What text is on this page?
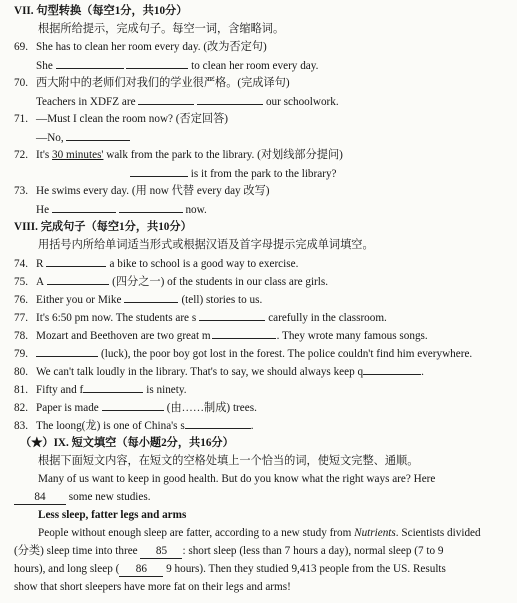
VII. 句型转换（每空1分，共10分）
根据所给提示，完成句子。每空一词，含缩略词。
69. She has to clean her room every day. (改为否定句)
She	to clean her room every day.
70. 西大附中的老师们对我们的学业很严格。(完成译句)
Teachers in XDFZ are	our schoolwork.
71. —Must I clean the room now? (否定回答)
—No,
72. It's 30 minutes' walk from the park to the library. (对划线部分提问)
is it from the park to the library?
73. He swims every day. (用 now 代替 every day 改写)
He	now.
VIII. 完成句子（每空1分，共10分）
用括号内所给单词适当形式或根据汉语及首字母提示完成单词填空。
74. R	a bike to school is a good way to exercise.
75. A	(四分之一) of the students in our class are girls.
76. Either you or Mike	(tell) stories to us.
77. It's 6:50 pm now. The students are s	carefully in the classroom.
78. Mozart and Beethoven are two great m	. They wrote many famous songs.
79.	(luck), the poor boy got lost in the forest. The police couldn't find him everywhere.
80. We can't talk loudly in the library. That's to say, we should always keep q	.
81. Fifty and f	is ninety.
82. Paper is made	(由……制成) trees.
83. The loong(龙) is one of China's s	.
（★）IX. 短文填空（每小题2分，共16分）
根据下面短文内容，在短文的空格处填上一个恰当的词，使短文完整、通顺。
Many of us want to keep in good health. But do you know what the right ways are? Here
84 some new studies.
Less sleep, fatter legs and arms
People without enough sleep are fatter, according to a new study from Nutrients. Scientists divided
(分类) sleep time into three 85 : short sleep (less than 7 hours a day), normal sleep (7 to 9
hours), and long sleep ( 86 9 hours). Then they studied 9,413 people from the US. Results
show that short sleepers have more fat on their legs and arms!
